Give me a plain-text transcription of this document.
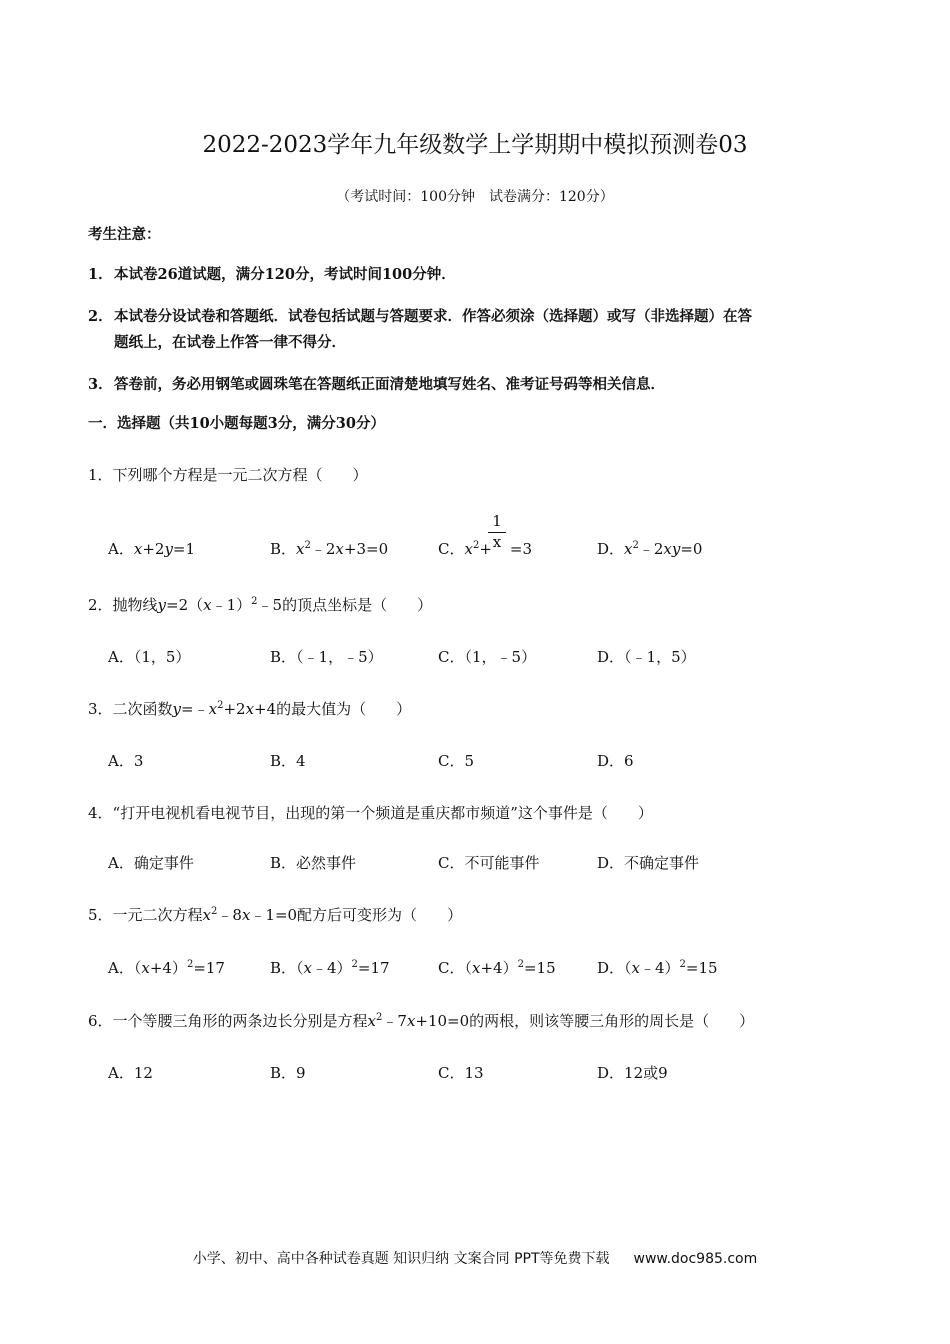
2022-2023学年九年级数学上学期期中模拟预测卷03
（考试时间：100分钟　试卷满分：120分）
考生注意：
1．本试卷26道试题，满分120分，考试时间100分钟．
2．本试卷分设试卷和答题纸．试卷包括试题与答题要求．作答必须涂（选择题）或写（非选择题）在答
题纸上，在试卷上作答一律不得分．
3．答卷前，务必用钢笔或圆珠笔在答题纸正面清楚地填写姓名、准考证号码等相关信息．
一．选择题（共10小题每题3分，满分30分）
1．下列哪个方程是一元二次方程（　　）
A．x+2y=1	B．$x^2﹣2x+3=0$	C．$x^2+ =3$
1
x	D．$x^2﹣2xy=0$
2．抛物线y=2（x﹣1）$^2$﹣5的顶点坐标是（　　）
A．（1，5）	B．（﹣1，﹣5）	C．（1，﹣5）	D．（﹣1，5）
3．二次函数$y=﹣x^2+2x+4$的最大值为（　　）
A．3	B．4	C．5	D．6
4．“打开电视机看电视节目，出现的第一个频道是重庆都市频道”这个事件是（　　）
A．确定事件	B．必然事件	C．不可能事件	D．不确定事件
5．一元二次方程$x^2﹣8x﹣1=0$配方后可变形为（　　）
A．$(x+4)^2=17$	B．（x﹣4）$^2$=17	C．$(x+4)^2=15$	D．（x﹣4）$^2$=15
6．一个等腰三角形的两条边长分别是方程$x^2﹣7x+10=0$的两根，则该等腰三角形的周长是（　　）
A．12	B．9	C．13	D．12或9
小学、初中、高中各种试卷真题 知识归纳 文案合同 PPT等免费下载 www.doc985.com
